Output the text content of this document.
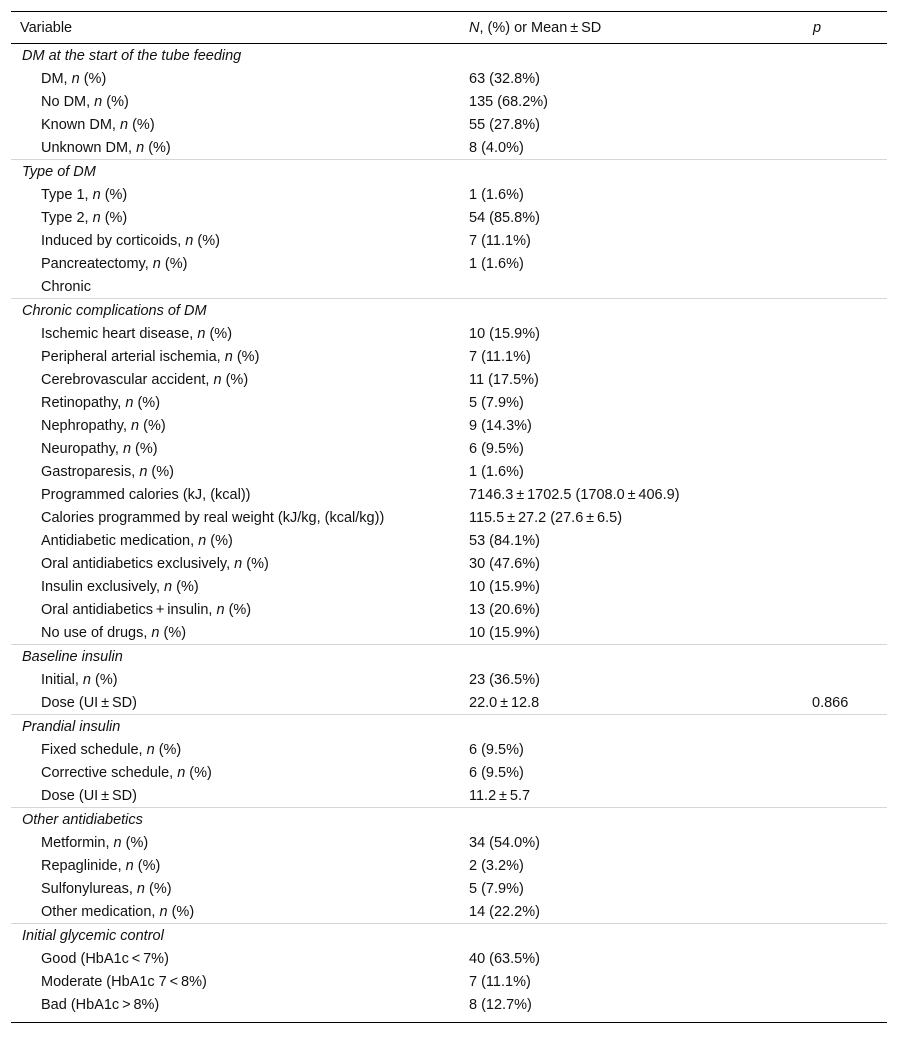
Variable	N, (%) or Mean ± SD	p
DM at the start of the tube feeding
DM, n (%)	63 (32.8%)
No DM, n (%)	135 (68.2%)
Known DM, n (%)	55 (27.8%)
Unknown DM, n (%)	8 (4.0%)
Type of DM
Type 1, n (%)	1 (1.6%)
Type 2, n (%)	54 (85.8%)
Induced by corticoids, n (%)	7 (11.1%)
Pancreatectomy, n (%)	1 (1.6%)
Chronic
Chronic complications of DM
Ischemic heart disease, n (%)	10 (15.9%)
Peripheral arterial ischemia, n (%)	7 (11.1%)
Cerebrovascular accident, n (%)	11 (17.5%)
Retinopathy, n (%)	5 (7.9%)
Nephropathy, n (%)	9 (14.3%)
Neuropathy, n (%)	6 (9.5%)
Gastroparesis, n (%)	1 (1.6%)
Programmed calories (kJ, (kcal))	7146.3 ± 1702.5 (1708.0 ± 406.9)
Calories programmed by real weight (kJ/kg, (kcal/kg))	115.5 ± 27.2 (27.6 ± 6.5)
Antidiabetic medication, n (%)	53 (84.1%)
Oral antidiabetics exclusively, n (%)	30 (47.6%)
Insulin exclusively, n (%)	10 (15.9%)
Oral antidiabetics + insulin, n (%)	13 (20.6%)
No use of drugs, n (%)	10 (15.9%)
Baseline insulin
Initial, n (%)	23 (36.5%)
Dose (UI ± SD)	22.0 ± 12.8	0.866
Prandial insulin
Fixed schedule, n (%)	6 (9.5%)
Corrective schedule, n (%)	6 (9.5%)
Dose (UI ± SD)	11.2 ± 5.7
Other antidiabetics
Metformin, n (%)	34 (54.0%)
Repaglinide, n (%)	2 (3.2%)
Sulfonylureas, n (%)	5 (7.9%)
Other medication, n (%)	14 (22.2%)
Initial glycemic control
Good (HbA1c < 7%)	40 (63.5%)
Moderate (HbA1c 7 < 8%)	7 (11.1%)
Bad (HbA1c > 8%)	8 (12.7%)
